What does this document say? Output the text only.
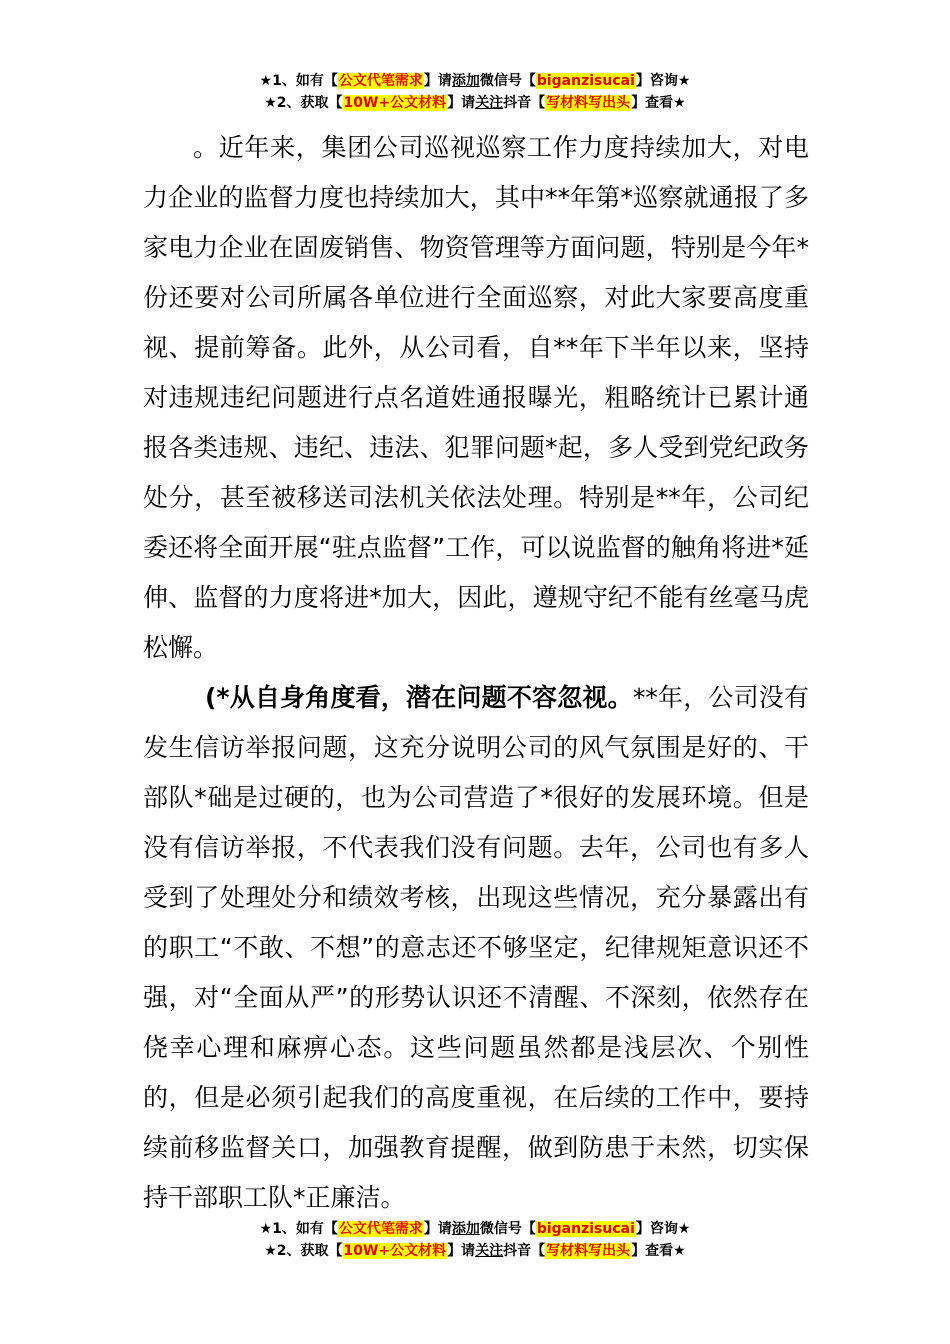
★1、如有【公文代笔需求】请添加微信号【biganzisucai】咨询★
★2、获取【10W+公文材料】请关注抖音【写材料写出头】查看★

。近年来，集团公司巡视巡察工作力度持续加大，对电力企业的监督力度也持续加大，其中**年第*巡察就通报了多家电力企业在固废销售、物资管理等方面问题，特别是今年*份还要对公司所属各单位进行全面巡察，对此大家要高度重视、提前筹备。此外，从公司看，自**年下半年以来，坚持对违规违纪问题进行点名道姓通报曝光，粗略统计已累计通报各类违规、违纪、违法、犯罪问题*起，多人受到党纪政务处分，甚至被移送司法机关依法处理。特别是**年，公司纪委还将全面开展“驻点监督”工作，可以说监督的触角将进*延伸、监督的力度将进*加大，因此，遵规守纪不能有丝毫马虎松懈。

(*从自身角度看，潜在问题不容忽视。**年，公司没有发生信访举报问题，这充分说明公司的风气氛围是好的、干部队*础是过硬的，也为公司营造了*很好的发展环境。但是没有信访举报，不代表我们没有问题。去年，公司也有多人受到了处理处分和绩效考核，出现这些情况，充分暴露出有的职工“不敢、不想”的意志还不够坚定，纪律规矩意识还不强，对“全面从严”的形势认识还不清醒、不深刻，依然存在侥幸心理和麻痹心态。这些问题虽然都是浅层次、个别性的，但是必须引起我们的高度重视，在后续的工作中，要持续前移监督关口，加强教育提醒，做到防患于未然，切实保持干部职工队*正廉洁。

★1、如有【公文代笔需求】请添加微信号【biganzisucai】咨询★
★2、获取【10W+公文材料】请关注抖音【写材料写出头】查看★
